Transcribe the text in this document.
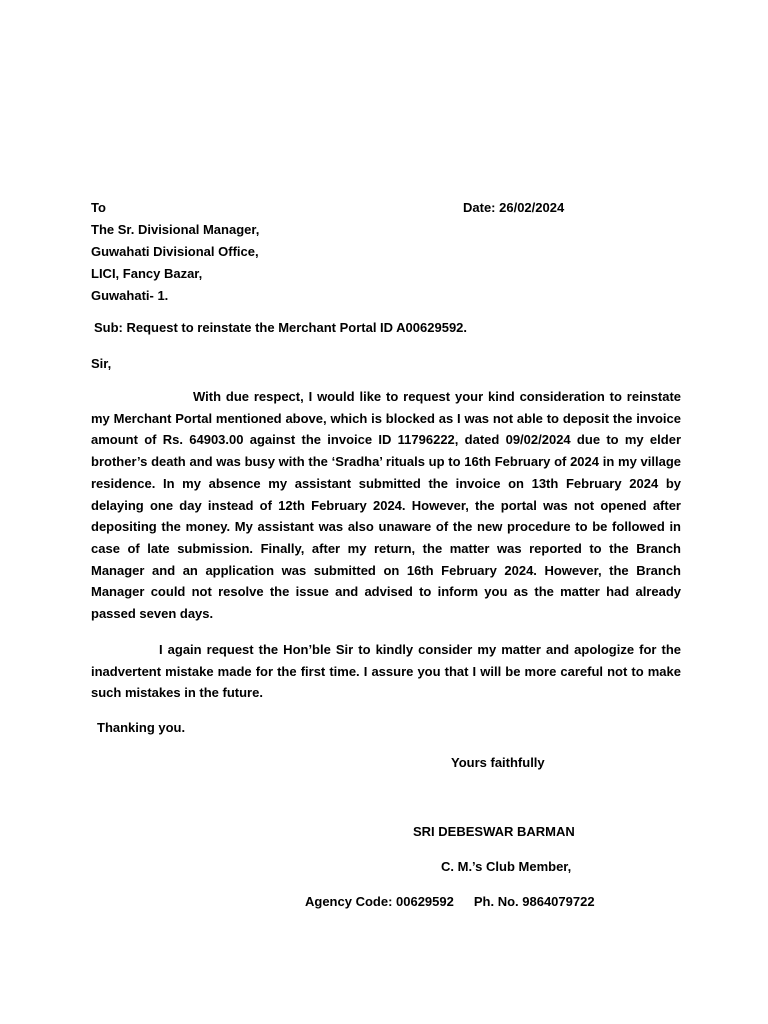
To
The Sr. Divisional Manager,
Guwahati Divisional Office,
LICI, Fancy Bazar,
Guwahati- 1.
Date: 26/02/2024
Sub: Request to reinstate the Merchant Portal ID A00629592.
Sir,
With due respect, I would like to request your kind consideration to reinstate my Merchant Portal mentioned above, which is blocked as I was not able to deposit the invoice amount of Rs. 64903.00 against the invoice ID 11796222, dated 09/02/2024 due to my elder brother’s death and was busy with the ‘Sradha’ rituals up to 16th February of 2024 in my village residence. In my absence my assistant submitted the invoice on 13th February 2024 by delaying one day instead of 12th February 2024. However, the portal was not opened after depositing the money. My assistant was also unaware of the new procedure to be followed in case of late submission. Finally, after my return, the matter was reported to the Branch Manager and an application was submitted on 16th February 2024. However, the Branch Manager could not resolve the issue and advised to inform you as the matter had already passed seven days.
I again request the Hon’ble Sir to kindly consider my matter and apologize for the inadvertent mistake made for the first time. I assure you that I will be more careful not to make such mistakes in the future.
Thanking you.
Yours faithfully
SRI DEBESWAR BARMAN
C. M.’s Club Member,
Agency Code: 00629592 Ph. No. 9864079722
